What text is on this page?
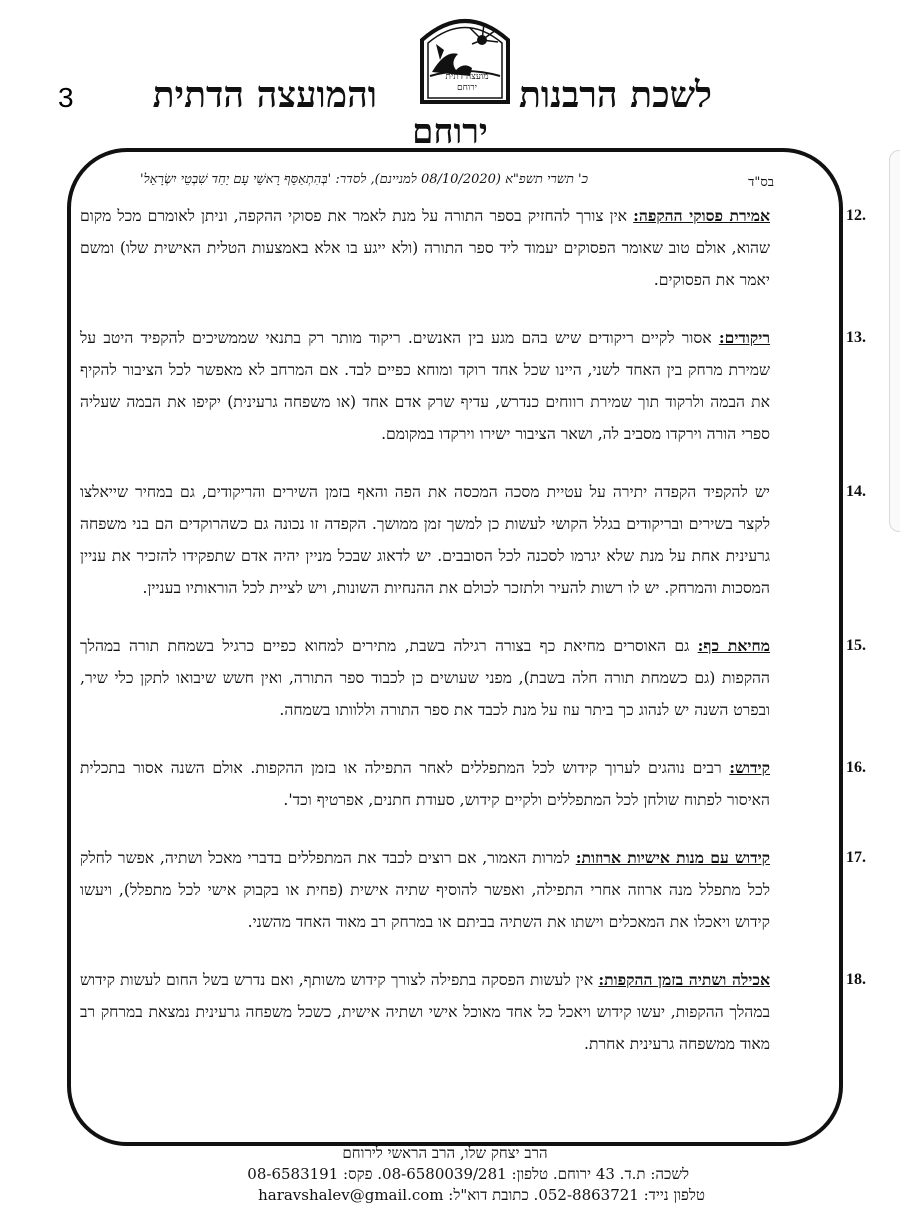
3	לשכת הרבנות
והמועצה הדתית	מועצה דתית
ירוחם
ירוחם
בס"ד
כ' תשרי תשפ"א (08/10/2020 למניינם), לסדר: 'בְּהִתְאַסֵּף רָאשֵׁי עָם יַחַד שִׁבְטֵי יִשְׂרָאֵל'
12.
אמירת פסוקי ההקפה: אין צורך להחזיק בספר התורה על מנת לאמר את פסוקי ההקפה, וניתן לאומרם מכל מקום שהוא, אולם טוב שאומר הפסוקים יעמוד ליד ספר התורה (ולא ייגע בו אלא באמצעות הטלית האישית שלו) ומשם יאמר את הפסוקים.
13.
ריקודים: אסור לקיים ריקודים שיש בהם מגע בין האנשים. ריקוד מותר רק בתנאי שממשיכים להקפיד היטב על שמירת מרחק בין האחד לשני, היינו שכל אחד רוקד ומוחא כפיים לבד. אם המרחב לא מאפשר לכל הציבור להקיף את הבמה ולרקוד תוך שמירת רווחים כנדרש, עדיף שרק אדם אחד (או משפחה גרעינית) יקיפו את הבמה שעליה ספרי הורה וירקדו מסביב לה, ושאר הציבור ישירו וירקדו במקומם.
14.
יש להקפיד הקפדה יתירה על עטיית מסכה המכסה את הפה והאף בזמן השירים והריקודים, גם במחיר שייאלצו לקצר בשירים ובריקודים בגלל הקושי לעשות כן למשך זמן ממושך. הקפדה זו נכונה גם כשהרוקדים הם בני משפחה גרעינית אחת על מנת שלא יגרמו לסכנה לכל הסובבים. יש לדאוג שבכל מניין יהיה אדם שתפקידו להזכיר את עניין המסכות והמרחק. יש לו רשות להעיר ולתזכר לכולם את ההנחיות השונות, ויש לציית לכל הוראותיו בעניין.
15.
מחיאת כף: גם האוסרים מחיאת כף בצורה רגילה בשבת, מתירים למחוא כפיים כרגיל בשמחת תורה במהלך ההקפות (גם כשמחת תורה חלה בשבת), מפני שעושים כן לכבוד ספר התורה, ואין חשש שיבואו לתקן כלי שיר, ובפרט השנה יש לנהוג כך ביתר עוז על מנת לכבד את ספר התורה וללוותו בשמחה.
16.
קידוש: רבים נוהגים לערוך קידוש לכל המתפללים לאחר התפילה או בזמן ההקפות. אולם השנה אסור בתכלית האיסור לפתוח שולחן לכל המתפללים ולקיים קידוש, סעודת חתנים, אפרטיף וכד'.
17.
קידוש עם מנות אישיות ארוזות: למרות האמור, אם רוצים לכבד את המתפללים בדברי מאכל ושתיה, אפשר לחלק לכל מתפלל מנה ארוזה אחרי התפילה, ואפשר להוסיף שתיה אישית (פחית או בקבוק אישי לכל מתפלל), ויעשו קידוש ויאכלו את המאכלים וישתו את השתיה בביתם או במרחק רב מאוד האחד מהשני.
18.
אכילה ושתיה בזמן ההקפות: אין לעשות הפסקה בתפילה לצורך קידוש משותף, ואם נדרש בשל החום לעשות קידוש במהלך ההקפות, יעשו קידוש ויאכל כל אחד מאוכל אישי ושתיה אישית, כשכל משפחה גרעינית נמצאת במרחק רב מאוד ממשפחה גרעינית אחרת.
הרב יצחק שלו, הרב הראשי לירוחם
לשכה: ת.ד. 43 ירוחם. טלפון: 08-6580039/281. פקס: 08-6583191
טלפון נייד: 052-8863721. כתובת דוא"ל: haravshalev@gmail.com
